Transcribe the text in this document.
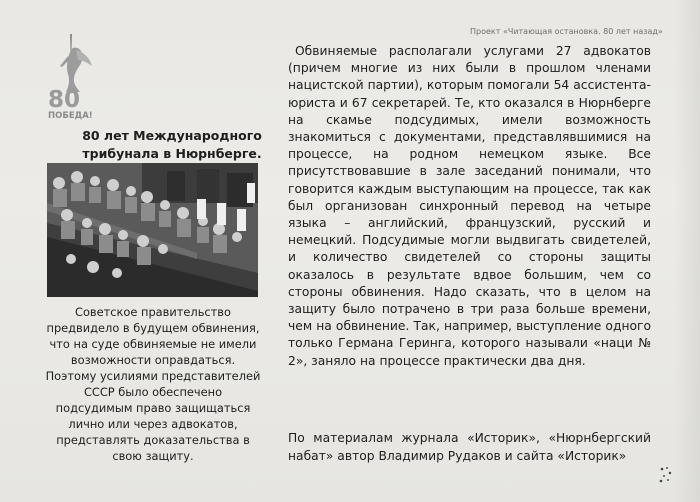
Проект «Читающая остановка. 80 лет назад»
80
ПОБЕДА!
80 лет Международного трибунала в Нюрнберге.
Советское правительство предвидело в будущем обвинения, что на суде обвиняемые не имели возможности оправдаться. Поэтому усилиями представителей СССР было обеспечено подсудимым право защищаться лично или через адвокатов, представлять доказательства в свою защиту.

Обвиняемые располагали услугами 27 адвокатов (причем многие из них были в прошлом членами нацистской партии), которым помогали 54 ассистента-юриста и 67 секретарей. Те, кто оказался в Нюрнберге на скамье подсудимых, имели возможность знакомиться с документами, представлявшимися на процессе, на родном немецком языке. Все присутствовавшие в зале заседаний понимали, что говорится каждым выступающим на процессе, так как был организован синхронный перевод на четыре языка – английский, французский, русский и немецкий. Подсудимые могли выдвигать свидетелей, и количество свидетелей со стороны защиты оказалось в результате вдвое большим, чем со стороны обвинения. Надо сказать, что в целом на защиту было потрачено в три раза больше времени, чем на обвинение. Так, например, выступление одного только Германа Геринга, которого называли «наци № 2», заняло на процессе практически два дня.

По материалам журнала «Историк», «Нюрнбергский набат» автор Владимир Рудаков и сайта «Историк»
